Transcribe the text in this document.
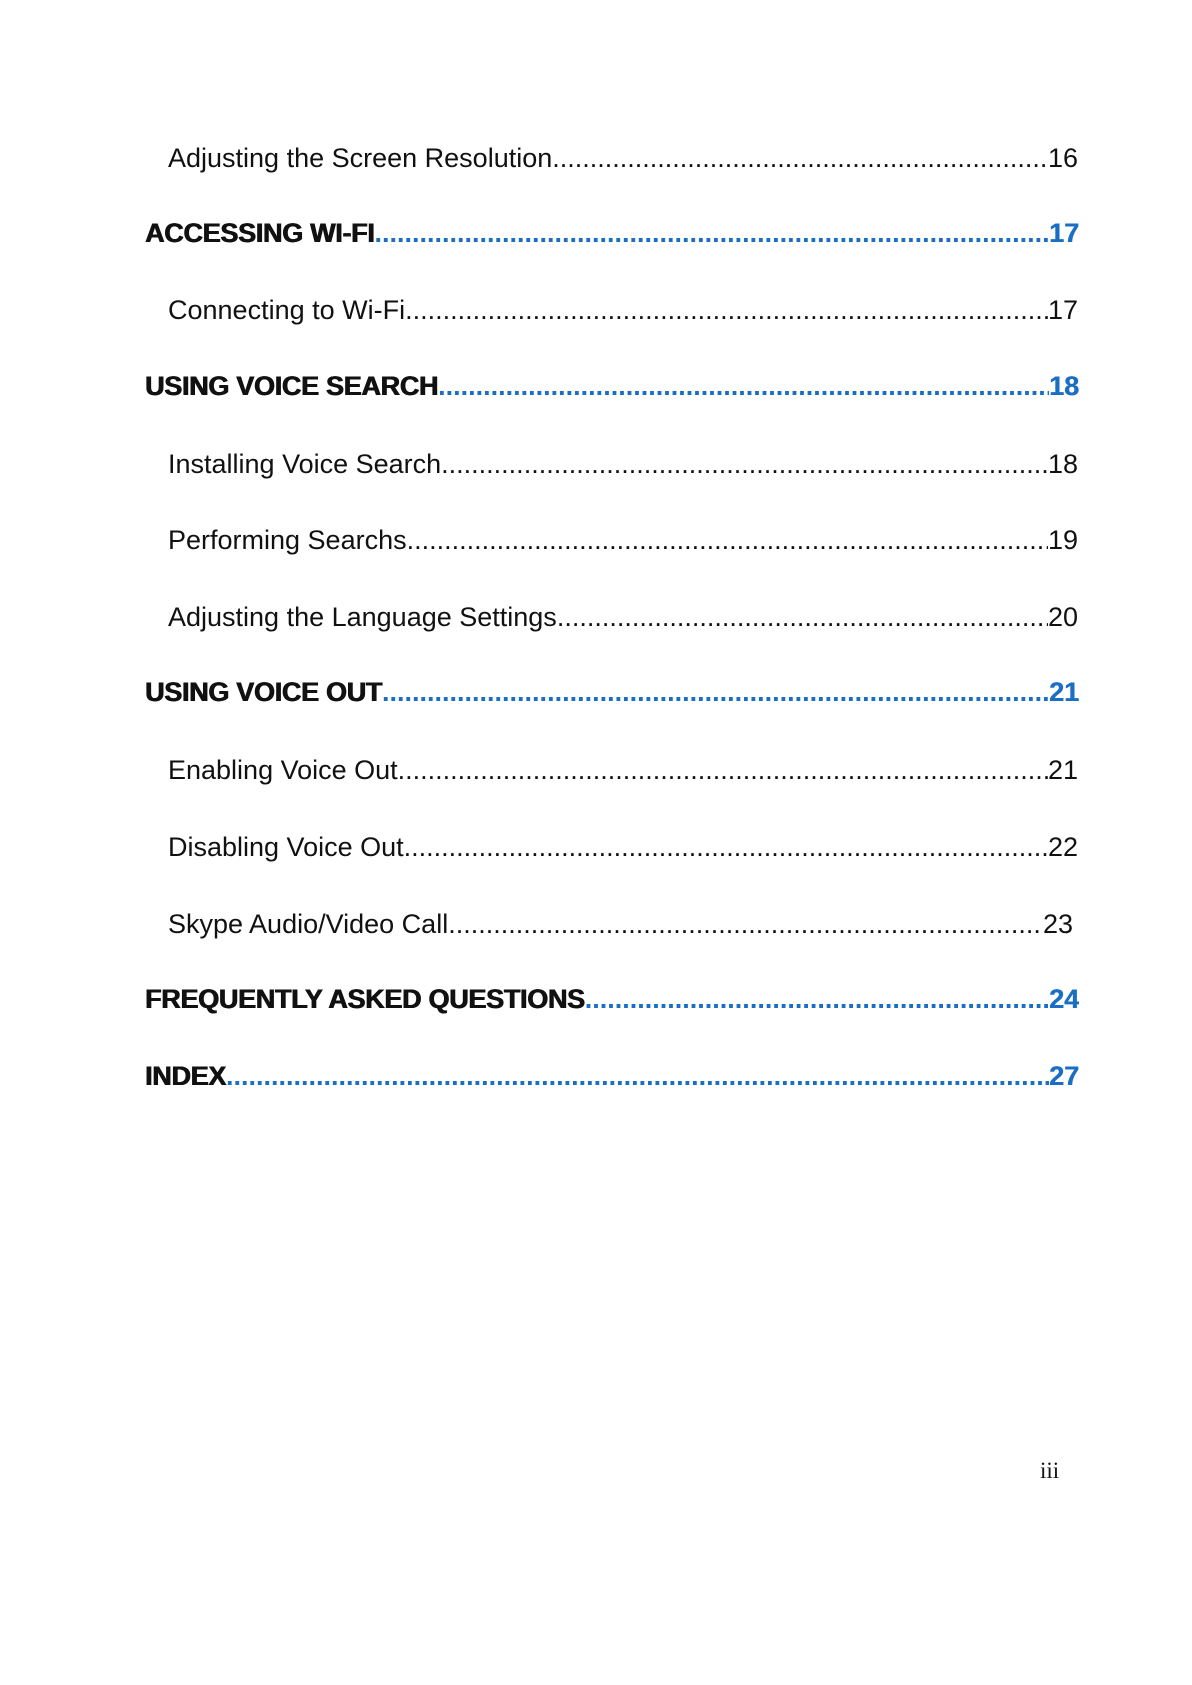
Adjusting the Screen Resolution .....	16
ACCESSING WI-FI .....	17
Connecting to Wi-Fi .....	17
USING VOICE SEARCH .....	18
Installing Voice Search .....	18
Performing Searchs .....	19
Adjusting the Language Settings .....	20
USING VOICE OUT .....	21
Enabling Voice Out .....	21
Disabling Voice Out .....	22
Skype Audio/Video Call .....	23
FREQUENTLY ASKED QUESTIONS .....	24
INDEX .....	27
iii
